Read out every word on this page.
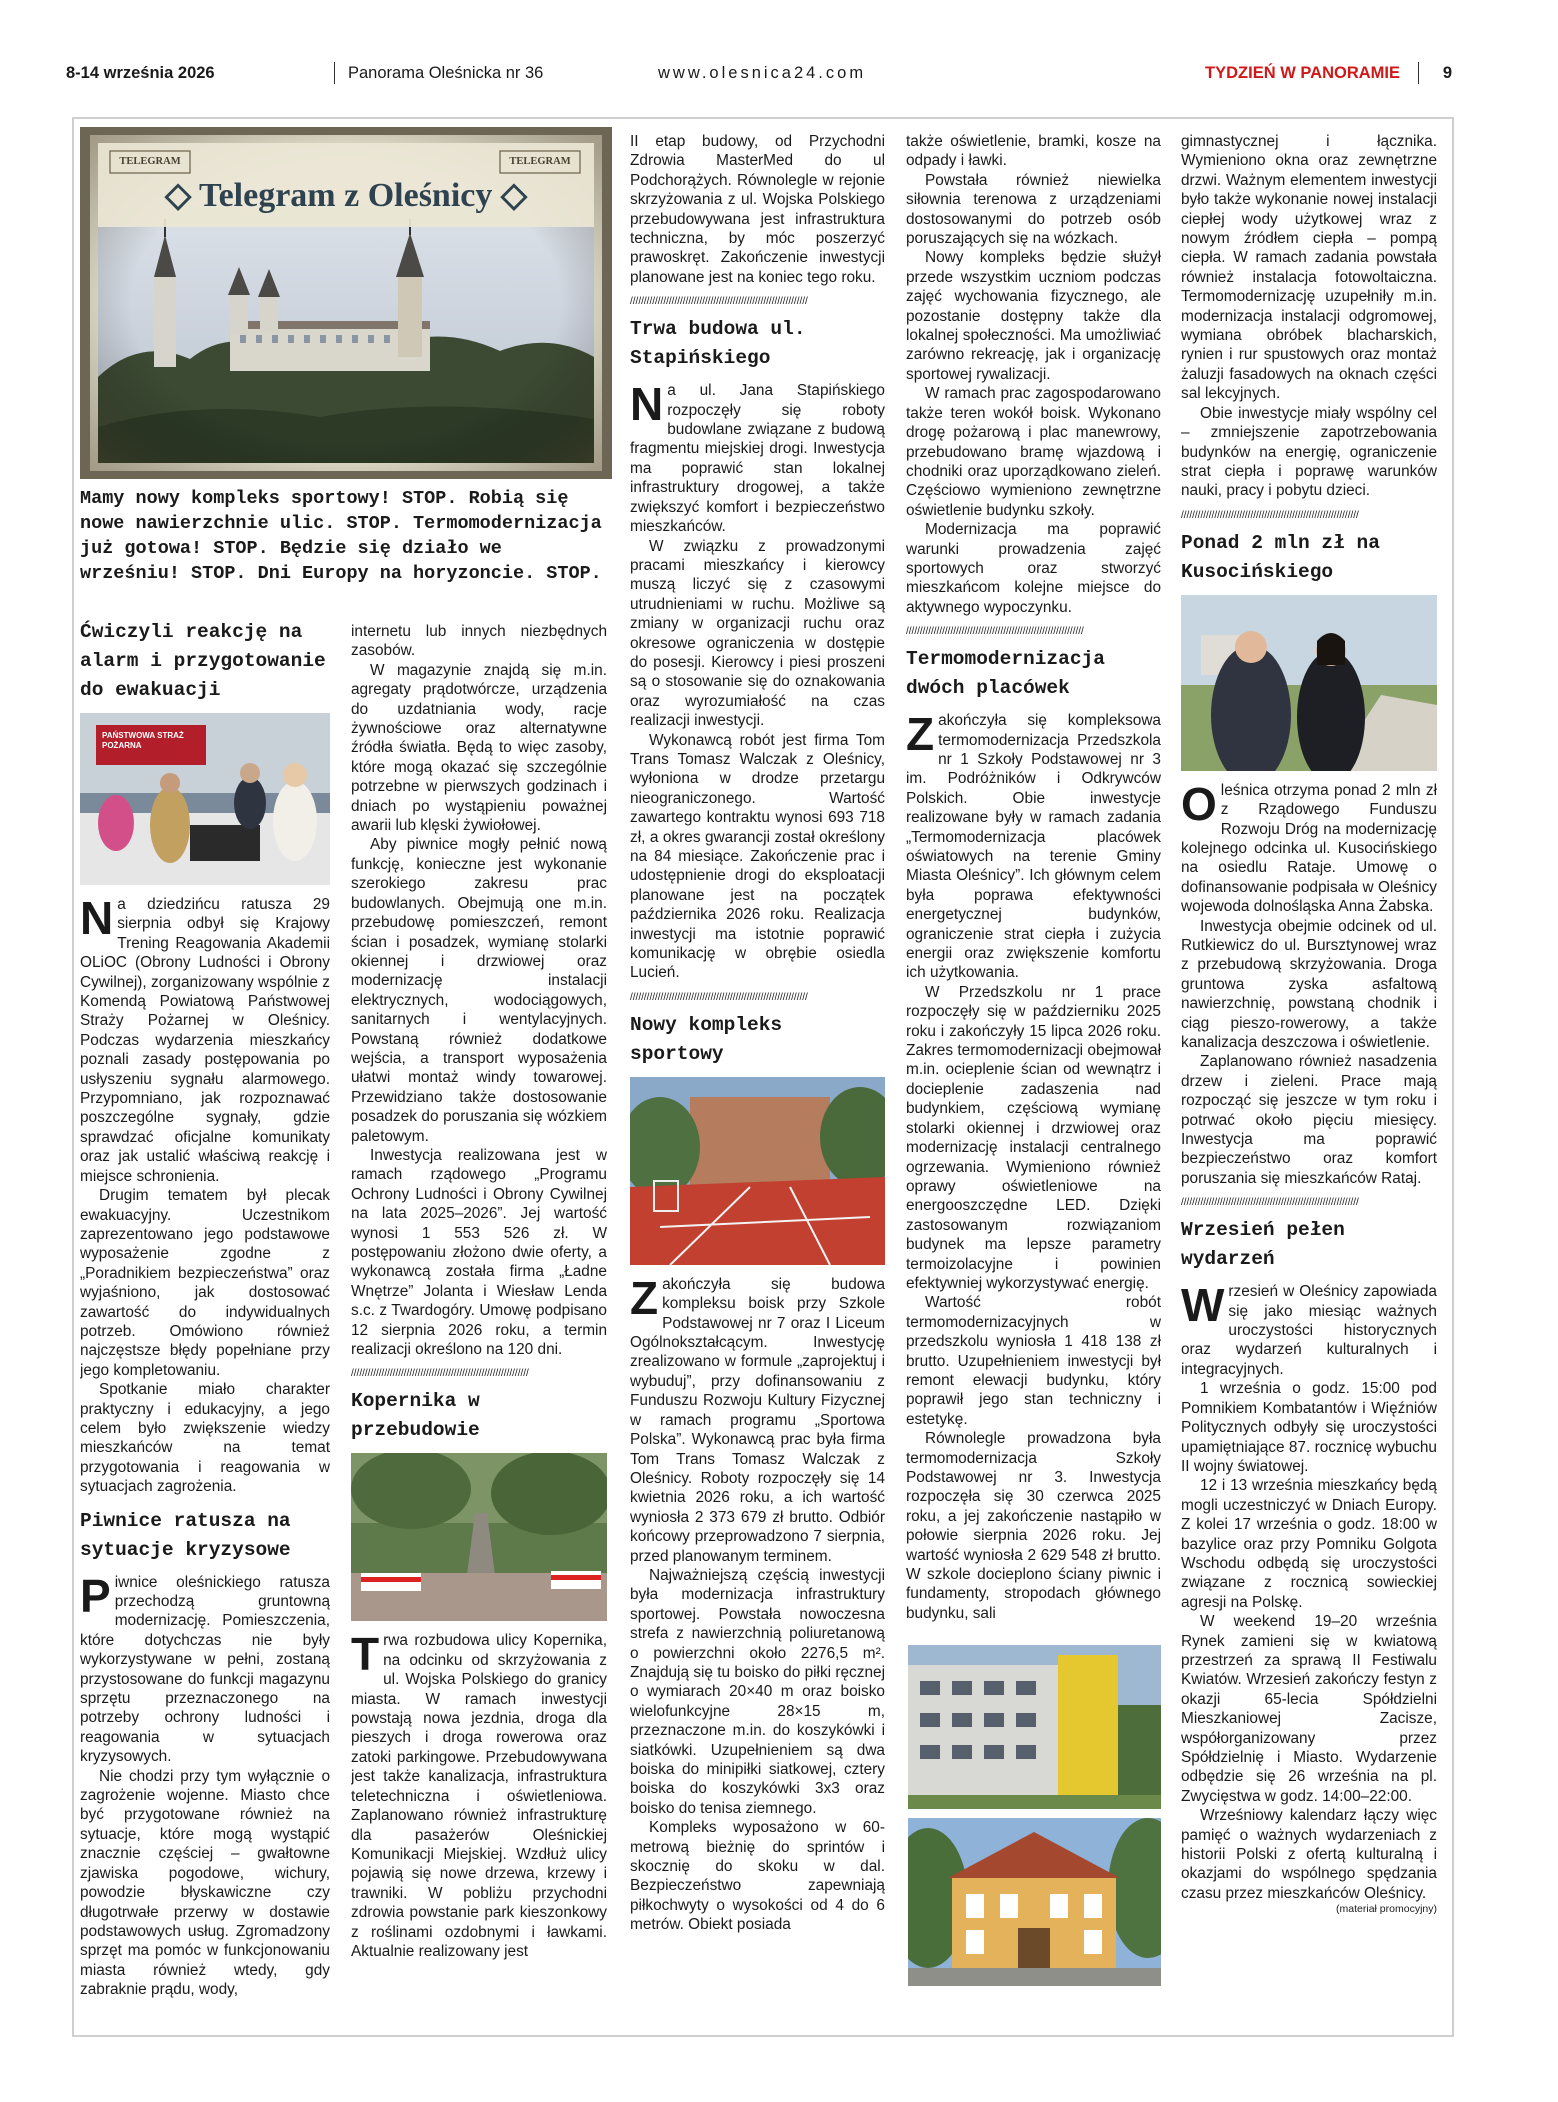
8-14 września 2026	Panorama Oleśnicka nr 36	www.olesnica24.com	TYDZIEŃ W PANORAMIE	9
TELEGRAM	TELEGRAM
◇ Telegram z Oleśnicy ◇
Mamy nowy kompleks sportowy! STOP. Robią się nowe nawierzchnie ulic. STOP. Termomodernizacja już gotowa! STOP. Będzie się działo we wrześniu! STOP. Dni Europy na horyzoncie. STOP.
Ćwiczyli reakcję na alarm i przygotowanie do ewakuacji
PAŃSTWOWA STRAŻ POŻARNA

Na dziedzińcu ratusza 29 sierpnia odbył się Krajowy Trening Reagowania Akademii OLiOC (Obrony Ludności i Obrony Cywilnej), zorganizowany wspólnie z Komendą Powiatową Państwowej Straży Pożarnej w Oleśnicy. Podczas wydarzenia mieszkańcy poznali zasady postępowania po usłyszeniu sygnału alarmowego. Przypomniano, jak rozpoznawać poszczególne sygnały, gdzie sprawdzać oficjalne komunikaty oraz jak ustalić właściwą reakcję i miejsce schronienia.

Drugim tematem był plecak ewakuacyjny. Uczestnikom zaprezentowano jego podstawowe wyposażenie zgodne z „Poradnikiem bezpieczeństwa” oraz wyjaśniono, jak dostosować zawartość do indywidualnych potrzeb. Omówiono również najczęstsze błędy popełniane przy jego kompletowaniu.

Spotkanie miało charakter praktyczny i edukacyjny, a jego celem było zwiększenie wiedzy mieszkańców na temat przygotowania i reagowania w sytuacjach zagrożenia.

Piwnice ratusza na sytuacje kryzysowe

Piwnice oleśnickiego ratusza przechodzą gruntowną modernizację. Pomieszczenia, które dotychczas nie były wykorzystywane w pełni, zostaną przystosowane do funkcji magazynu sprzętu przeznaczonego na potrzeby ochrony ludności i reagowania w sytuacjach kryzysowych.

Nie chodzi przy tym wyłącznie o zagrożenie wojenne. Miasto chce być przygotowane również na sytuacje, które mogą wystąpić znacznie częściej – gwałtowne zjawiska pogodowe, wichury, powodzie błyskawiczne czy długotrwałe przerwy w dostawie podstawowych usług. Zgromadzony sprzęt ma pomóc w funkcjonowaniu miasta również wtedy, gdy zabraknie prądu, wody,

internetu lub innych niezbędnych zasobów.

W magazynie znajdą się m.in. agregaty prądotwórcze, urządzenia do uzdatniania wody, racje żywnościowe oraz alternatywne źródła światła. Będą to więc zasoby, które mogą okazać się szczególnie potrzebne w pierwszych godzinach i dniach po wystąpieniu poważnej awarii lub klęski żywiołowej.

Aby piwnice mogły pełnić nową funkcję, konieczne jest wykonanie szerokiego zakresu prac budowlanych. Obejmują one m.in. przebudowę pomieszczeń, remont ścian i posadzek, wymianę stolarki okiennej i drzwiowej oraz modernizację instalacji elektrycznych, wodociągowych, sanitarnych i wentylacyjnych. Powstaną również dodatkowe wejścia, a transport wyposażenia ułatwi montaż windy towarowej. Przewidziano także dostosowanie posadzek do poruszania się wózkiem paletowym.

Inwestycja realizowana jest w ramach rządowego „Programu Ochrony Ludności i Obrony Cywilnej na lata 2025–2026”. Jej wartość wynosi 1 553 526 zł. W postępowaniu złożono dwie oferty, a wykonawcą została firma „Ładne Wnętrze” Jolanta i Wiesław Lenda s.c. z Twardogóry. Umowę podpisano 12 sierpnia 2026 roku, a termin realizacji określono na 120 dni.

////////////////////////////////////////////////////////////////
Kopernika w przebudowie

Trwa rozbudowa ulicy Kopernika, na odcinku od skrzyżowania z ul. Wojska Polskiego do granicy miasta. W ramach inwestycji powstają nowa jezdnia, droga dla pieszych i droga rowerowa oraz zatoki parkingowe. Przebudowywana jest także kanalizacja, infrastruktura teletechniczna i oświetleniowa. Zaplanowano również infrastrukturę dla pasażerów Oleśnickiej Komunikacji Miejskiej. Wzdłuż ulicy pojawią się nowe drzewa, krzewy i trawniki. W pobliżu przychodni zdrowia powstanie park kieszonkowy z roślinami ozdobnymi i ławkami. Aktualnie realizowany jest

II etap budowy, od Przychodni Zdrowia MasterMed do ul Podchorążych. Równolegle w rejonie skrzyżowania z ul. Wojska Polskiego przebudowywana jest infrastruktura techniczna, by móc poszerzyć prawoskręt. Zakończenie inwestycji planowane jest na koniec tego roku.

////////////////////////////////////////////////////////////////
Trwa budowa ul. Stapińskiego

Na ul. Jana Stapińskiego rozpoczęły się roboty budowlane związane z budową fragmentu miejskiej drogi. Inwestycja ma poprawić stan lokalnej infrastruktury drogowej, a także zwiększyć komfort i bezpieczeństwo mieszkańców.

W związku z prowadzonymi pracami mieszkańcy i kierowcy muszą liczyć się z czasowymi utrudnieniami w ruchu. Możliwe są zmiany w organizacji ruchu oraz okresowe ograniczenia w dostępie do posesji. Kierowcy i piesi proszeni są o stosowanie się do oznakowania oraz wyrozumiałość na czas realizacji inwestycji.

Wykonawcą robót jest firma Tom Trans Tomasz Walczak z Oleśnicy, wyłoniona w drodze przetargu nieograniczonego. Wartość zawartego kontraktu wynosi 693 718 zł, a okres gwarancji został określony na 84 miesiące. Zakończenie prac i udostępnienie drogi do eksploatacji planowane jest na początek października 2026 roku. Realizacja inwestycji ma istotnie poprawić komunikację w obrębie osiedla Lucień.

////////////////////////////////////////////////////////////////
Nowy kompleks sportowy

Zakończyła się budowa kompleksu boisk przy Szkole Podstawowej nr 7 oraz I Liceum Ogólnokształcącym. Inwestycję zrealizowano w formule „zaprojektuj i wybuduj”, przy dofinansowaniu z Funduszu Rozwoju Kultury Fizycznej w ramach programu „Sportowa Polska”. Wykonawcą prac była firma Tom Trans Tomasz Walczak z Oleśnicy. Roboty rozpoczęły się 14 kwietnia 2026 roku, a ich wartość wyniosła 2 373 679 zł brutto. Odbiór końcowy przeprowadzono 7 sierpnia, przed planowanym terminem.

Najważniejszą częścią inwestycji była modernizacja infrastruktury sportowej. Powstała nowoczesna strefa z nawierzchnią poliuretanową o powierzchni około 2276,5 m². Znajdują się tu boisko do piłki ręcznej o wymiarach 20×40 m oraz boisko wielofunkcyjne 28×15 m, przeznaczone m.in. do koszykówki i siatkówki. Uzupełnieniem są dwa boiska do minipiłki siatkowej, cztery boiska do koszykówki 3x3 oraz boisko do tenisa ziemnego.

Kompleks wyposażono w 60-metrową bieżnię do sprintów i skocznię do skoku w dal. Bezpieczeństwo zapewniają piłkochwyty o wysokości od 4 do 6 metrów. Obiekt posiada

także oświetlenie, bramki, kosze na odpady i ławki.

Powstała również niewielka siłownia terenowa z urządzeniami dostosowanymi do potrzeb osób poruszających się na wózkach.

Nowy kompleks będzie służył przede wszystkim uczniom podczas zajęć wychowania fizycznego, ale pozostanie dostępny także dla lokalnej społeczności. Ma umożliwiać zarówno rekreację, jak i organizację sportowej rywalizacji.

W ramach prac zagospodarowano także teren wokół boisk. Wykonano drogę pożarową i plac manewrowy, przebudowano bramę wjazdową i chodniki oraz uporządkowano zieleń. Częściowo wymieniono zewnętrzne oświetlenie budynku szkoły.

Modernizacja ma poprawić warunki prowadzenia zajęć sportowych oraz stworzyć mieszkańcom kolejne miejsce do aktywnego wypoczynku.

////////////////////////////////////////////////////////////////
Termomodernizacja dwóch placówek

Zakończyła się kompleksowa termomodernizacja Przedszkola nr 1 Szkoły Podstawowej nr 3 im. Podróżników i Odkrywców Polskich. Obie inwestycje realizowane były w ramach zadania „Termomodernizacja placówek oświatowych na terenie Gminy Miasta Oleśnicy”. Ich głównym celem była poprawa efektywności energetycznej budynków, ograniczenie strat ciepła i zużycia energii oraz zwiększenie komfortu ich użytkowania.

W Przedszkolu nr 1 prace rozpoczęły się w październiku 2025 roku i zakończyły 15 lipca 2026 roku. Zakres termomodernizacji obejmował m.in. ocieplenie ścian od wewnątrz i docieplenie zadaszenia nad budynkiem, częściową wymianę stolarki okiennej i drzwiowej oraz modernizację instalacji centralnego ogrzewania. Wymieniono również oprawy oświetleniowe na energooszczędne LED. Dzięki zastosowanym rozwiązaniom budynek ma lepsze parametry termoizolacyjne i powinien efektywniej wykorzystywać energię.

Wartość robót termomodernizacyjnych w przedszkolu wyniosła 1 418 138 zł brutto. Uzupełnieniem inwestycji był remont elewacji budynku, który poprawił jego stan techniczny i estetykę.

Równolegle prowadzona była termomodernizacja Szkoły Podstawowej nr 3. Inwestycja rozpoczęła się 30 czerwca 2025 roku, a jej zakończenie nastąpiło w połowie sierpnia 2026 roku. Jej wartość wyniosła 2 629 548 zł brutto. W szkole docieplono ściany piwnic i fundamenty, stropodach głównego budynku, sali

gimnastycznej i łącznika. Wymieniono okna oraz zewnętrzne drzwi. Ważnym elementem inwestycji było także wykonanie nowej instalacji ciepłej wody użytkowej wraz z nowym źródłem ciepła – pompą ciepła. W ramach zadania powstała również instalacja fotowoltaiczna. Termomodernizację uzupełniły m.in. modernizacja instalacji odgromowej, wymiana obróbek blacharskich, rynien i rur spustowych oraz montaż żaluzji fasadowych na oknach części sal lekcyjnych.

Obie inwestycje miały wspólny cel – zmniejszenie zapotrzebowania budynków na energię, ograniczenie strat ciepła i poprawę warunków nauki, pracy i pobytu dzieci.

////////////////////////////////////////////////////////////////
Ponad 2 mln zł na Kusocińskiego

Oleśnica otrzyma ponad 2 mln zł z Rządowego Funduszu Rozwoju Dróg na modernizację kolejnego odcinka ul. Kusocińskiego na osiedlu Rataje. Umowę o dofinansowanie podpisała w Oleśnicy wojewoda dolnośląska Anna Żabska.

Inwestycja obejmie odcinek od ul. Rutkiewicz do ul. Bursztynowej wraz z przebudową skrzyżowania. Droga gruntowa zyska asfaltową nawierzchnię, powstaną chodnik i ciąg pieszo-rowerowy, a także kanalizacja deszczowa i oświetlenie.

Zaplanowano również nasadzenia drzew i zieleni. Prace mają rozpocząć się jeszcze w tym roku i potrwać około pięciu miesięcy. Inwestycja ma poprawić bezpieczeństwo oraz komfort poruszania się mieszkańców Rataj.

////////////////////////////////////////////////////////////////
Wrzesień pełen wydarzeń

Wrzesień w Oleśnicy zapowiada się jako miesiąc ważnych uroczystości historycznych oraz wydarzeń kulturalnych i integracyjnych.

1 września o godz. 15:00 pod Pomnikiem Kombatantów i Więźniów Politycznych odbyły się uroczystości upamiętniające 87. rocznicę wybuchu II wojny światowej.

12 i 13 września mieszkańcy będą mogli uczestniczyć w Dniach Europy. Z kolei 17 września o godz. 18:00 w bazylice oraz przy Pomniku Golgota Wschodu odbędą się uroczystości związane z rocznicą sowieckiej agresji na Polskę.

W weekend 19–20 września Rynek zamieni się w kwiatową przestrzeń za sprawą II Festiwalu Kwiatów. Wrzesień zakończy festyn z okazji 65-lecia Spółdzielni Mieszkaniowej Zacisze, współorganizowany przez Spółdzielnię i Miasto. Wydarzenie odbędzie się 26 września na pl. Zwycięstwa w godz. 14:00–22:00.

Wrześniowy kalendarz łączy więc pamięć o ważnych wydarzeniach z historii Polski z ofertą kulturalną i okazjami do wspólnego spędzania czasu przez mieszkańców Oleśnicy.

(materiał promocyjny)
